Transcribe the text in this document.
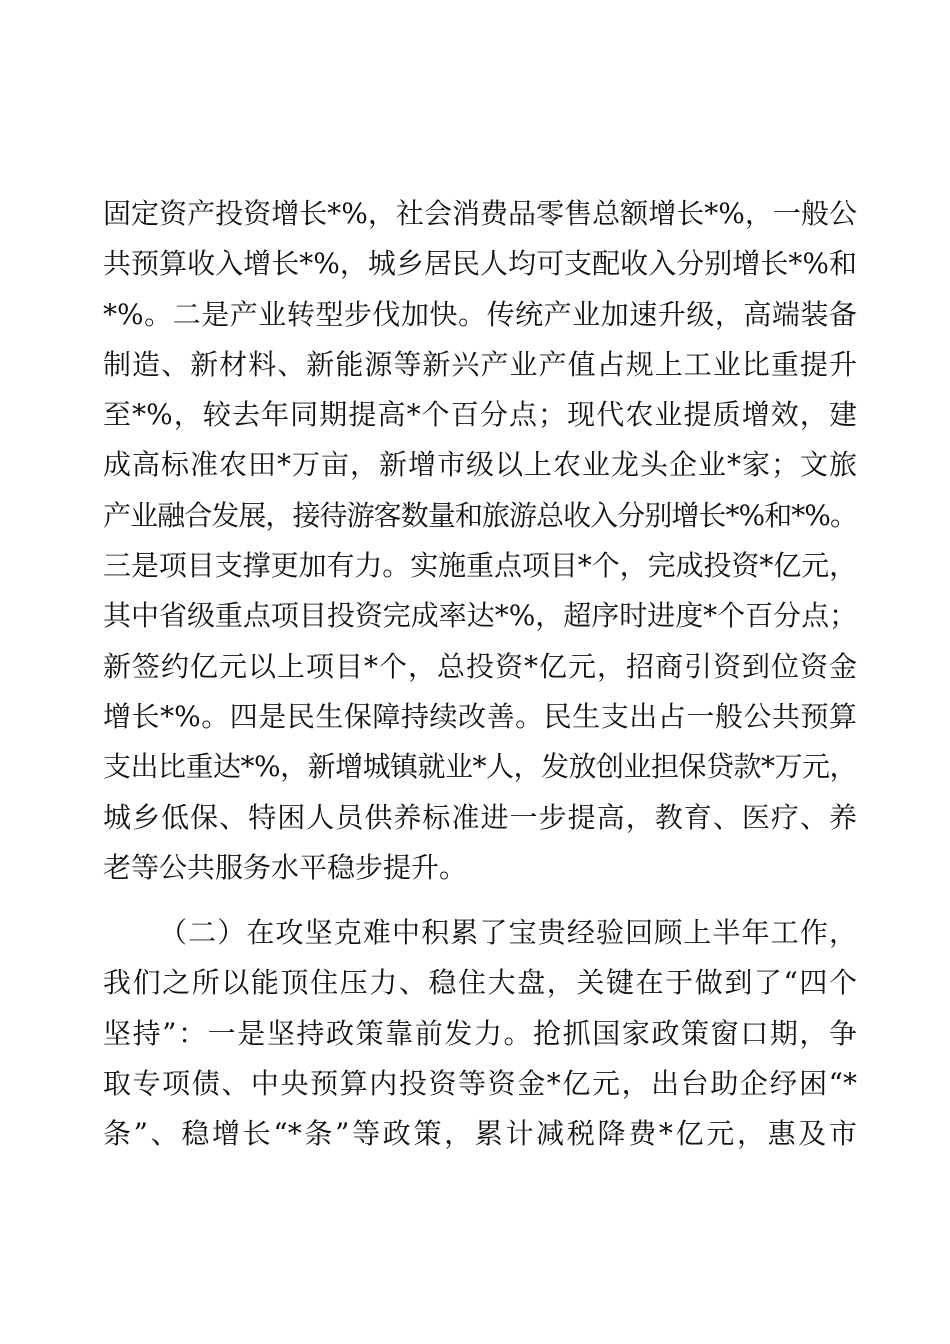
固定资产投资增长*%，社会消费品零售总额增长*%，一般公
共预算收入增长*%，城乡居民人均可支配收入分别增长*%和
*%。二是产业转型步伐加快。传统产业加速升级，高端装备
制造、新材料、新能源等新兴产业产值占规上工业比重提升
至*%，较去年同期提高*个百分点；现代农业提质增效，建
成高标准农田*万亩，新增市级以上农业龙头企业*家；文旅
产业融合发展，接待游客数量和旅游总收入分别增长*%和*%。
三是项目支撑更加有力。实施重点项目*个，完成投资*亿元，
其中省级重点项目投资完成率达*%，超序时进度*个百分点；
新签约亿元以上项目*个，总投资*亿元，招商引资到位资金
增长*%。四是民生保障持续改善。民生支出占一般公共预算
支出比重达*%，新增城镇就业*人，发放创业担保贷款*万元，
城乡低保、特困人员供养标准进一步提高，教育、医疗、养
老等公共服务水平稳步提升。
（二）在攻坚克难中积累了宝贵经验回顾上半年工作，
我们之所以能顶住压力、稳住大盘，关键在于做到了“四个
坚持”：一是坚持政策靠前发力。抢抓国家政策窗口期，争
取专项债、中央预算内投资等资金*亿元，出台助企纾困“*
条”、稳增长“*条”等政策，累计减税降费*亿元，惠及市
